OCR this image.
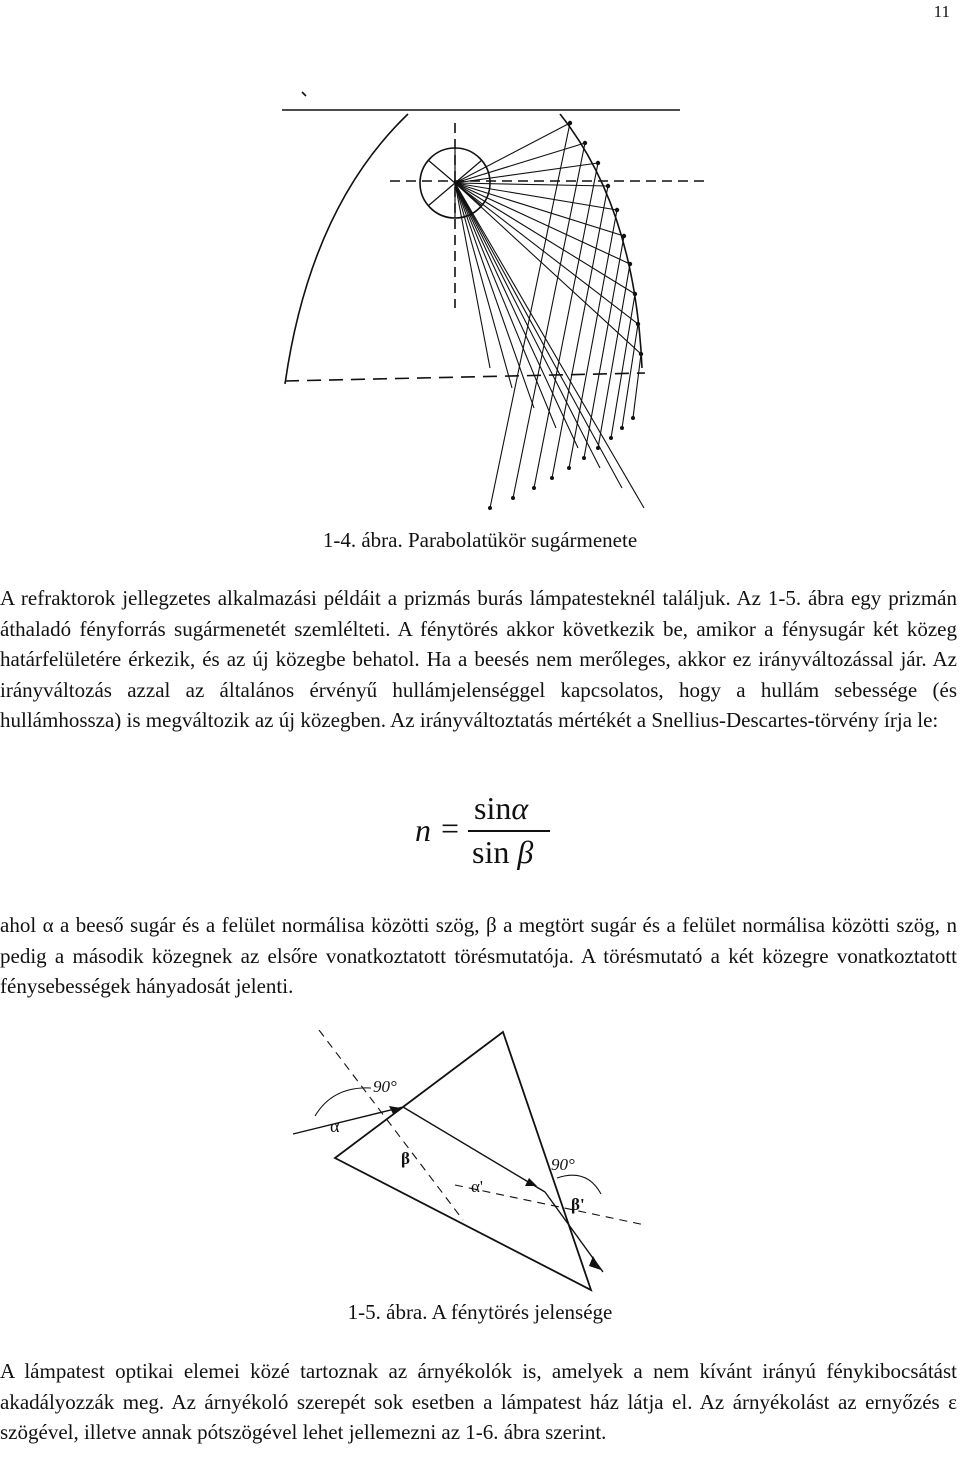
11
1-4. ábra. Parabolatükör sugármenete

A refraktorok jellegzetes alkalmazási példáit a prizmás burás lámpatesteknél találjuk. Az 1-5. ábra egy prizmán áthaladó fényforrás sugármenetét szemlélteti. A fénytörés akkor következik be, amikor a fénysugár két közeg határfelületére érkezik, és az új közegbe behatol. Ha a beesés nem merőleges, akkor ez irányváltozással jár. Az irányváltozás azzal az általános érvényű hullámjelenséggel kapcsolatos, hogy a hullám sebessége (és hullámhossza) is megváltozik az új közegben. Az irányváltoztatás mértékét a Snellius-Descartes-törvény írja le:

n =
sinα
sin β

ahol α a beeső sugár és a felület normálisa közötti szög, β a megtört sugár és a felület normálisa közötti szög, n pedig a második közegnek az elsőre vonatkoztatott törésmutatója. A törésmutató a két közegre vonatkoztatott fénysebességek hányadosát jelenti.

90°
α
β
α'
90°
β'
1-5. ábra. A fénytörés jelensége

A lámpatest optikai elemei közé tartoznak az árnyékolók is, amelyek a nem kívánt irányú fénykibocsátást akadályozzák meg. Az árnyékoló szerepét sok esetben a lámpatest ház látja el. Az árnyékolást az ernyőzés ε szögével, illetve annak pótszögével lehet jellemezni az 1-6. ábra szerint.
